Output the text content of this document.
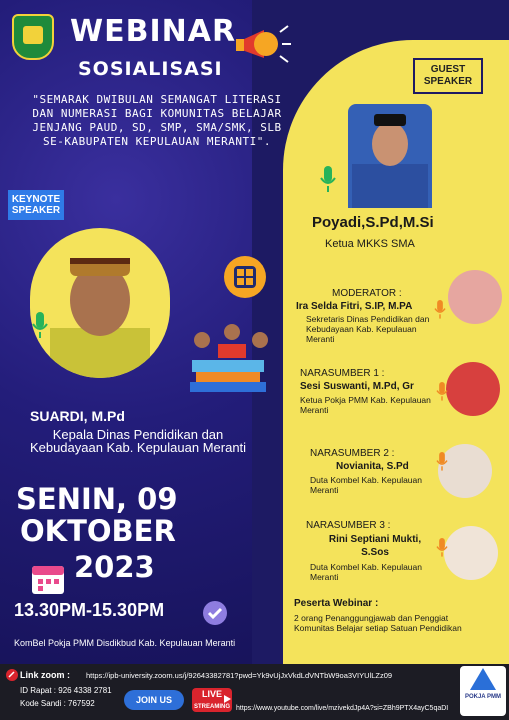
WEBINAR
SOSIALISASI
"SEMARAK DWIBULAN SEMANGAT LITERASI DAN NUMERASI BAGI KOMUNITAS BELAJAR JENJANG PAUD, SD, SMP, SMA/SMK, SLB SE-KABUPATEN KEPULAUAN MERANTI".
KEYNOTE SPEAKER
SUARDI, M.Pd
Kepala Dinas Pendidikan dan Kebudayaan Kab. Kepulauan Meranti
SENIN, 09
OKTOBER
2023
13.30PM-15.30PM
KomBel Pokja PMM Disdikbud Kab. Kepulauan Meranti
GUEST SPEAKER
Poyadi,S.Pd,M.Si
Ketua MKKS SMA
MODERATOR :
Ira Selda Fitri, S.IP, M.PA
Sekretaris Dinas Pendidikan dan Kebudayaan Kab. Kepulauan Meranti
NARASUMBER 1 :
Sesi Suswanti, M.Pd, Gr
Ketua Pokja PMM Kab. Kepulauan Meranti
NARASUMBER 2 :
Novianita, S.Pd
Duta Kombel Kab. Kepulauan Meranti
NARASUMBER 3 :
Rini Septiani Mukti, S.Sos
Duta Kombel Kab. Kepulauan Meranti
Peserta Webinar :
2 orang Penanggungjawab dan Penggiat Komunitas Belajar setiap Satuan Pendidikan
Link zoom : https://ipb-university.zoom.us/j/92643382781?pwd=Yk9vUjJxVkdLdVNTbW9oa3VIYUlLZz09
ID Rapat : 926 4338 2781
Kode Sandi : 767592	JOIN US
LIVE
STREAMING https://www.youtube.com/live/mzivekdJp4A?si=ZBh9PTX4ayC5qaDI
POKJA PMM
